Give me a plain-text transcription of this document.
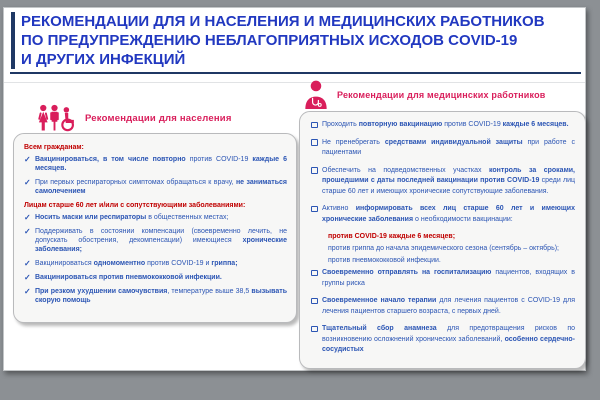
РЕКОМЕНДАЦИИ ДЛЯ И НАСЕЛЕНИЯ И МЕДИЦИНСКИХ РАБОТНИКОВ
ПО ПРЕДУПРЕЖДЕНИЮ НЕБЛАГОПРИЯТНЫХ ИСХОДОВ COVID-19
И ДРУГИХ ИНФЕКЦИЙ
Рекомендации для населения
Всем гражданам:
✓ Вакцинироваться, в том числе повторно против COVID-19 каждые 6 месяцев.
✓ При первых респираторных симптомах обращаться к врачу, не заниматься самолечением
Лицам старше 60 лет и/или с сопутствующими заболеваниями:
✓ Носить маски или респираторы в общественных местах;
✓ Поддерживать в состоянии компенсации (своевременно лечить, не допускать обострения, декомпенсации) имеющиеся хронические заболевания;
✓ Вакцинироваться одномоментно против COVID-19 и гриппа;
✓ Вакцинироваться против пневмококковой инфекции.
✓ При резком ухудшении самочувствия, температуре выше 38,5 вызывать скорую помощь
Рекомендации для медицинских работников
Проходить повторную вакцинацию против COVID-19 каждые 6 месяцев.
Не пренебрегать средствами индивидуальной защиты при работе с пациентами
Обеспечить на подведомственных участках контроль за сроками, прошедшими с даты последней вакцинации против COVID-19 среди лиц старше 60 лет и имеющих хронические сопутствующие заболевания.
Активно информировать всех лиц старше 60 лет и имеющих хронические заболевания о необходимости вакцинации:
против COVID-19 каждые 6 месяцев;
против гриппа до начала эпидемического сезона (сентябрь – октябрь);
против пневмококковой инфекции.
Своевременно отправлять на госпитализацию пациентов, входящих в группы риска
Своевременное начало терапии для лечения пациентов с COVID-19 для лечения пациентов старшего возраста, с первых дней.
Тщательный сбор анамнеза для предотвращения рисков по возникновению осложнений хронических заболеваний, особенно сердечно-сосудистых
